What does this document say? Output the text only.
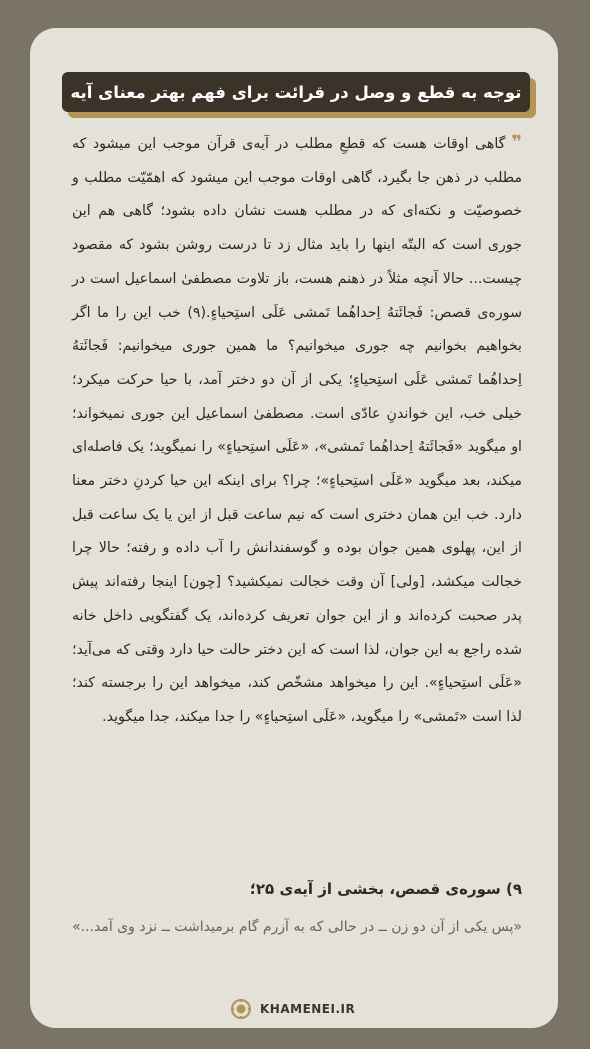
توجه به قطع و وصل در قرائت برای فهم بهتر معنای آیه
❞گاهی اوقات هست که قطعِ مطلب در آیه‌ی قرآن موجب این میشود که مطلب در ذهن جا بگیرد، گاهی اوقات موجب این میشود که اهمّیّت مطلب و خصوصیّت و نکته‌ای که در مطلب هست نشان داده بشود؛ گاهی هم این جوری است که البتّه اینها را باید مثال زد تا درست روشن بشود که مقصود چیست... حالا آنچه مثلاً در ذهنم هست، باز تلاوت مصطفیٰ اسماعیل است در سوره‌ی قصص: فَجائَتهُ اِحداهُما تَمشی عَلَی استِحیاءٍ.(۹) خب این را ما اگر بخواهیم بخوانیم چه جوری میخوانیم؟ ما همین جوری میخوانیم: فَجائَتهُ اِحداهُما تَمشی عَلَی استِحیاءٍ؛ یکی از آن دو دختر آمد، با حیا حرکت میکرد؛ خیلی خب، این خواندنِ عادّی است. مصطفیٰ اسماعیل این جوری نمیخواند؛ او میگوید «فَجائَتهُ اِحداهُما تَمشی»، «عَلَی استِحیاءٍ» را نمیگوید؛ یک فاصله‌ای میکند، بعد میگوید «عَلَی استِحیاءٍ»؛ چرا؟ برای اینکه این حیا کردنِ دختر معنا دارد. خب این همان دختری است که نیم ساعت قبل از این یا یک ساعت قبل از این، پهلوی همین جوان بوده و گوسفندانش را آب داده و رفته؛ حالا چرا خجالت میکشد، [ولی] آن وقت خجالت نمیکشید؟ [چون] اینجا رفته‌اند پیش پدر صحبت کرده‌اند و از این جوان تعریف کرده‌اند، یک گفتگویی داخل خانه شده راجع به این جوان، لذا است که این دختر حالت حیا دارد وقتی که می‌آید؛ «عَلَی استِحیاءٍ». این را میخواهد مشخّص کند، میخواهد این را برجسته کند؛ لذا است «تَمشی» را میگوید، «عَلَی استِحیاءٍ» را جدا میکند، جدا میگوید.
۹) سوره‌ی قصص، بخشی از آیه‌ی ۲۵؛
«پس یکی از آن دو زن ــ در حالی که به آزرم گام برمیداشت ــ نزد وی آمد...»
KHAMENEI.IR
